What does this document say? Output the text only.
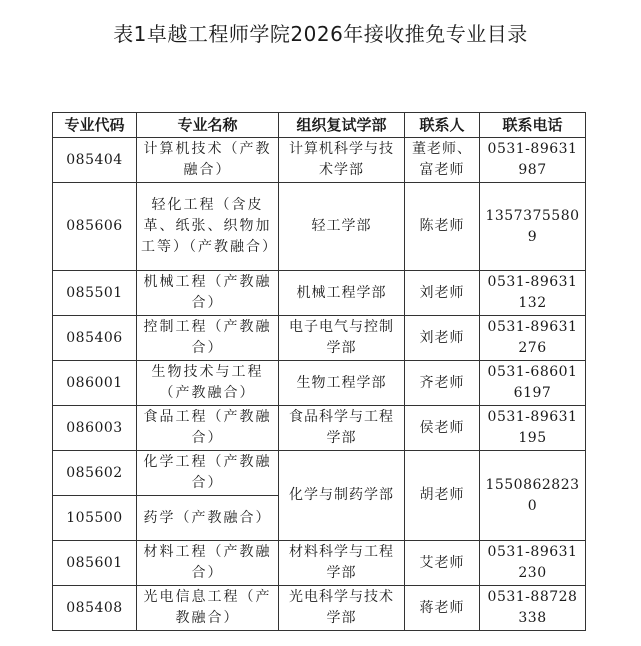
表1卓越工程师学院2026年接收推免专业目录
专业代码	专业名称	组织复试学部	联系人	联系电话
085404	计算机技术（产教融合）	计算机科学与技术学部	董老师、富老师	0531-89631987
085606	轻化工程（含皮革、纸张、织物加工等）（产教融合）	轻工学部	陈老师	13573755809
085501	机械工程（产教融合）	机械工程学部	刘老师	0531-89631132
085406	控制工程（产教融合）	电子电气与控制学部	刘老师	0531-89631276
086001	生物技术与工程（产教融合）	生物工程学部	齐老师	0531-686016197
086003	食品工程（产教融合）	食品科学与工程学部	侯老师	0531-89631195
085602	化学工程（产教融合）	化学与制药学部	胡老师	15508628230
105500	药学（产教融合）			
085601	材料工程（产教融合）	材料科学与工程学部	艾老师	0531-89631230
085408	光电信息工程（产教融合）	光电科学与技术学部	蒋老师	0531-88728338
